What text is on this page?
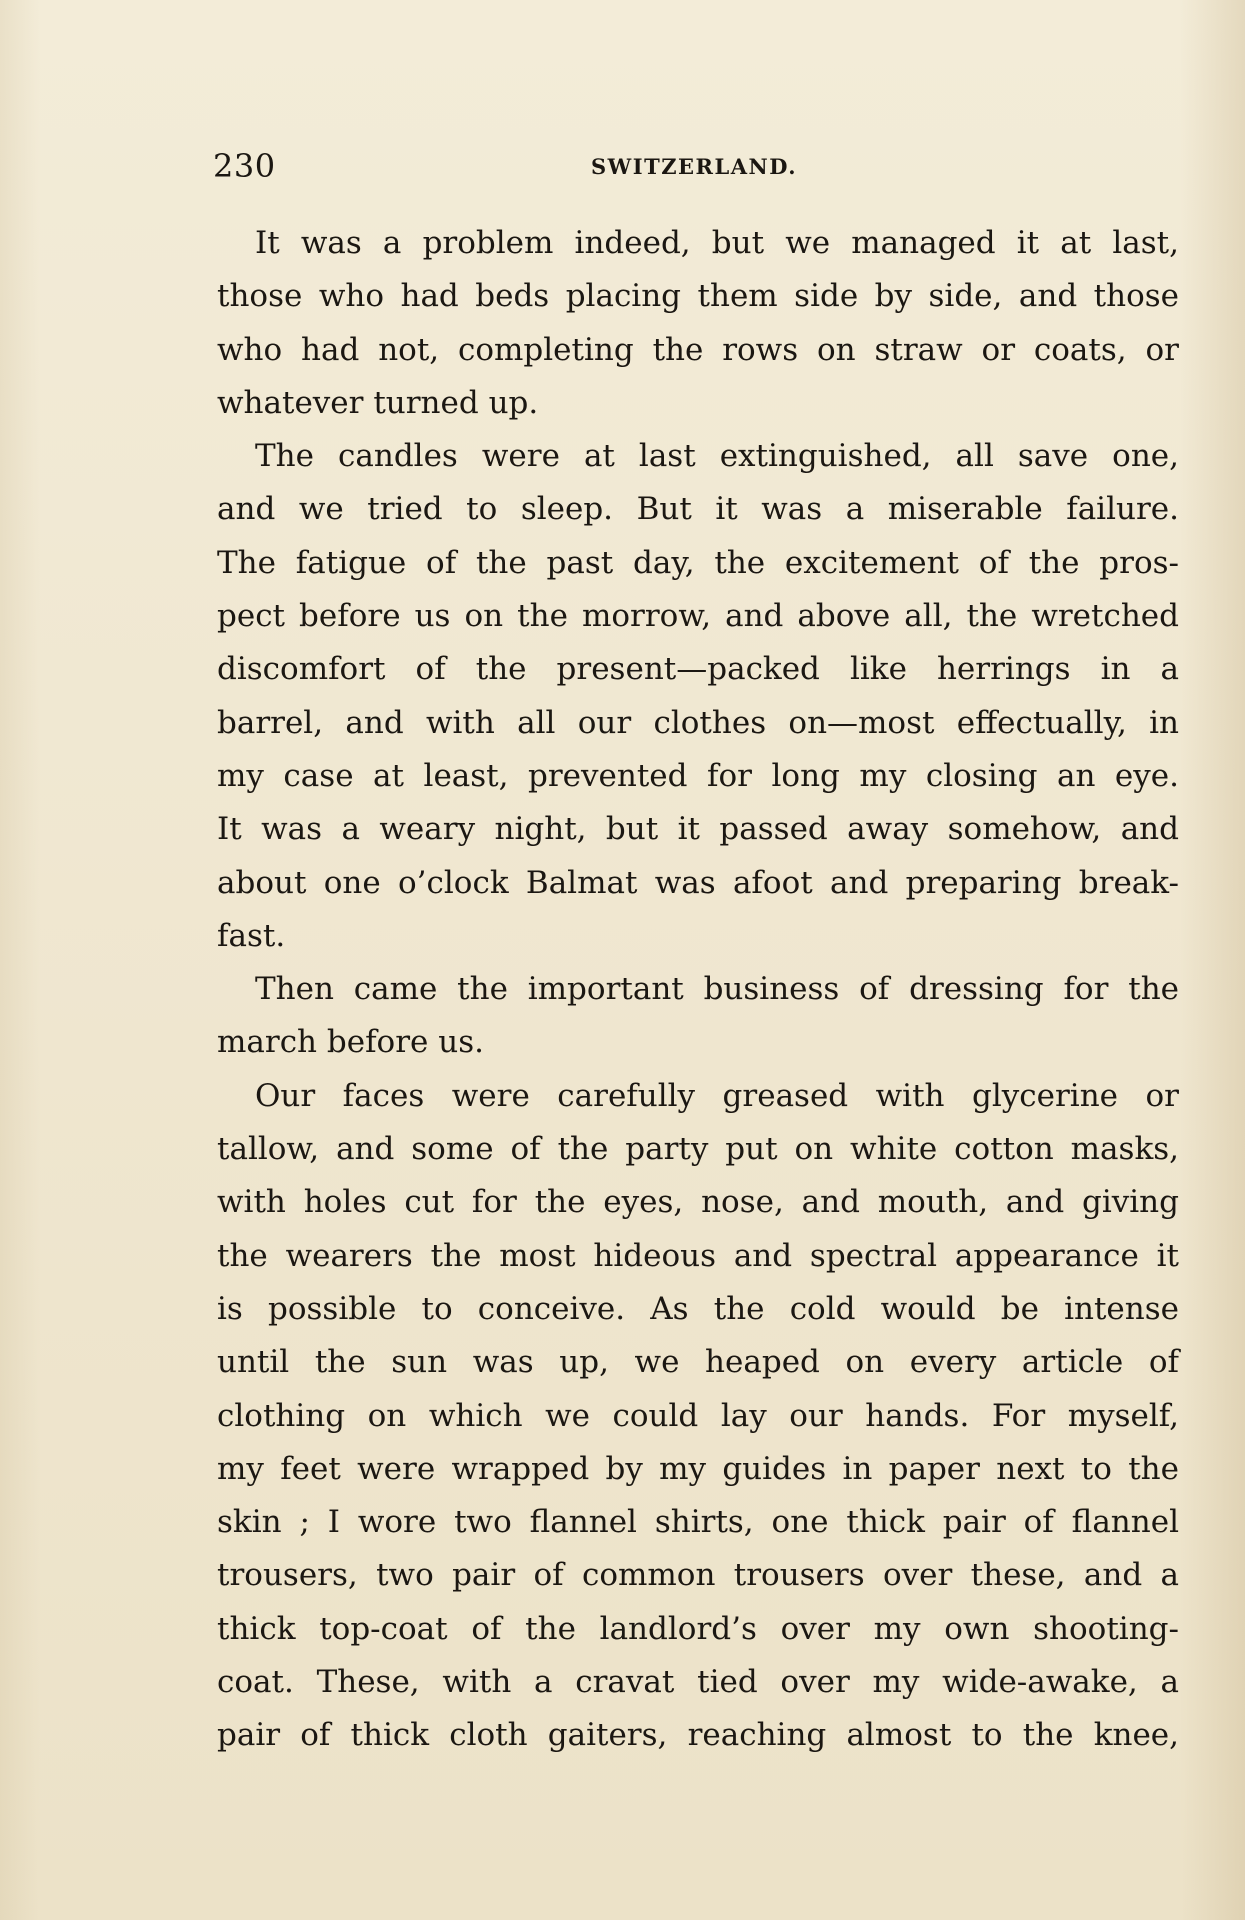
230	SWITZERLAND.

It was a problem indeed, but we managed it at last,
those who had beds placing them side by side, and those
who had not, completing the rows on straw or coats, or
whatever turned up.

The candles were at last extinguished, all save one,
and we tried to sleep. But it was a miserable failure.
The fatigue of the past day, the excitement of the pros-
pect before us on the morrow, and above all, the wretched
discomfort of the present—packed like herrings in a
barrel, and with all our clothes on—most effectually, in
my case at least, prevented for long my closing an eye.
It was a weary night, but it passed away somehow, and
about one o’clock Balmat was afoot and preparing break-
fast.

Then came the important business of dressing for the
march before us.

Our faces were carefully greased with glycerine or
tallow, and some of the party put on white cotton masks,
with holes cut for the eyes, nose, and mouth, and giving
the wearers the most hideous and spectral appearance it
is possible to conceive. As the cold would be intense
until the sun was up, we heaped on every article of
clothing on which we could lay our hands. For myself,
my feet were wrapped by my guides in paper next to the
skin ; I wore two flannel shirts, one thick pair of flannel
trousers, two pair of common trousers over these, and a
thick top-coat of the landlord’s over my own shooting-
coat. These, with a cravat tied over my wide-awake, a
pair of thick cloth gaiters, reaching almost to the knee,
